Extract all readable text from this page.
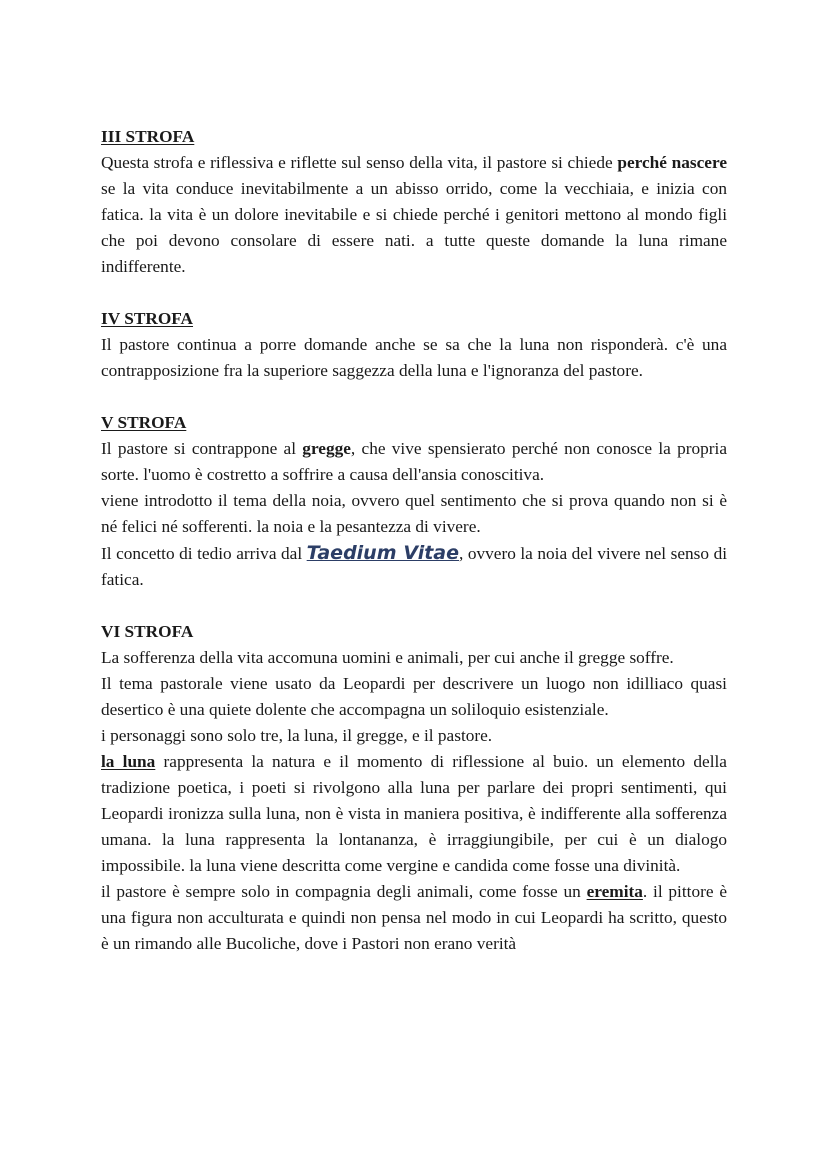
III STROFA
Questa strofa e riflessiva e riflette sul senso della vita, il pastore si chiede perché nascere se la vita conduce inevitabilmente a un abisso orrido, come la vecchiaia, e inizia con fatica. la vita è un dolore inevitabile e si chiede perché i genitori mettono al mondo figli che poi devono consolare di essere nati. a tutte queste domande la luna rimane indifferente.
IV STROFA
Il pastore continua a porre domande anche se sa che la luna non risponderà. c'è una contrapposizione fra la superiore saggezza della luna e l'ignoranza del pastore.
V STROFA
Il pastore si contrappone al gregge, che vive spensierato perché non conosce la propria sorte. l'uomo è costretto a soffrire a causa dell'ansia conoscitiva.
viene introdotto il tema della noia, ovvero quel sentimento che si prova quando non si è né felici né sofferenti. la noia e la pesantezza di vivere.
Il concetto di tedio arriva dal Taedium Vitae, ovvero la noia del vivere nel senso di fatica.
VI STROFA
La sofferenza della vita accomuna uomini e animali, per cui anche il gregge soffre.
Il tema pastorale viene usato da Leopardi per descrivere un luogo non idilliaco quasi desertico è una quiete dolente che accompagna un soliloquio esistenziale.
i personaggi sono solo tre, la luna, il gregge, e il pastore.
la luna rappresenta la natura e il momento di riflessione al buio. un elemento della tradizione poetica, i poeti si rivolgono alla luna per parlare dei propri sentimenti, qui Leopardi ironizza sulla luna, non è vista in maniera positiva, è indifferente alla sofferenza umana. la luna rappresenta la lontananza, è irraggiungibile, per cui è un dialogo impossibile. la luna viene descritta come vergine e candida come fosse una divinità.
il pastore è sempre solo in compagnia degli animali, come fosse un eremita. il pittore è una figura non acculturata e quindi non pensa nel modo in cui Leopardi ha scritto, questo è un rimando alle Bucoliche, dove i Pastori non erano verità
